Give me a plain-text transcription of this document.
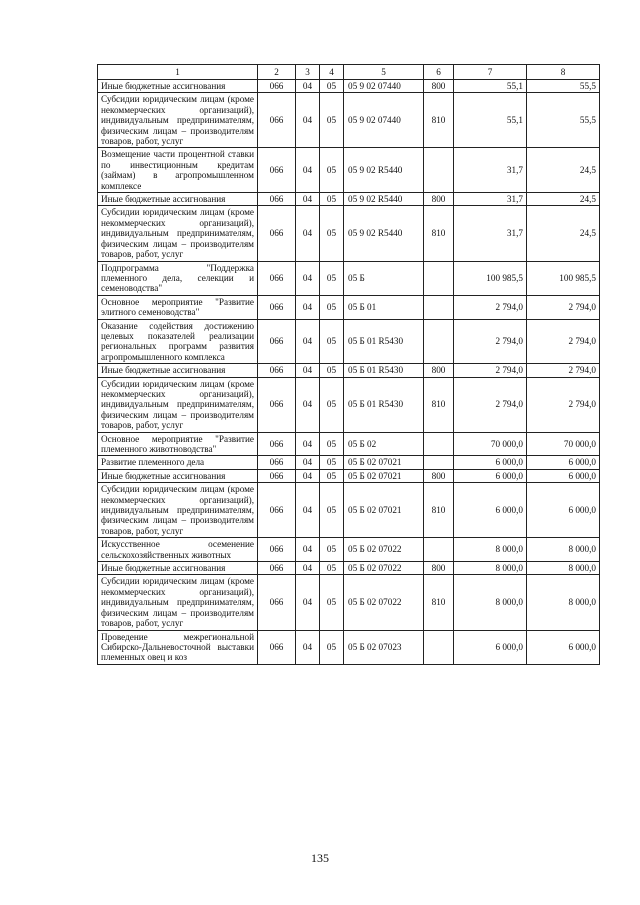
1	2	3	4	5	6	7	8
Иные бюджетные ассигнования	066	04	05	05 9 02 07440	800	55,1	55,5
Субсидии юридическим лицам (кроме некоммерческих организаций), индивидуальным предпринимателям, физическим лицам – производителям товаров, работ, услуг	066	04	05	05 9 02 07440	810	55,1	55,5
Возмещение части процентной ставки по инвестиционным кредитам (займам) в агропромышленном комплексе	066	04	05	05 9 02 R5440		31,7	24,5
Иные бюджетные ассигнования	066	04	05	05 9 02 R5440	800	31,7	24,5
Субсидии юридическим лицам (кроме некоммерческих организаций), индивидуальным предпринимателям, физическим лицам – производителям товаров, работ, услуг	066	04	05	05 9 02 R5440	810	31,7	24,5
Подпрограмма "Поддержка племенного дела, селекции и семеноводства"	066	04	05	05 Б		100 985,5	100 985,5
Основное мероприятие "Развитие элитного семеноводства"	066	04	05	05 Б 01		2 794,0	2 794,0
Оказание содействия достижению целевых показателей реализации региональных программ развития агропромышленного комплекса	066	04	05	05 Б 01 R5430		2 794,0	2 794,0
Иные бюджетные ассигнования	066	04	05	05 Б 01 R5430	800	2 794,0	2 794,0
Субсидии юридическим лицам (кроме некоммерческих организаций), индивидуальным предпринимателям, физическим лицам – производителям товаров, работ, услуг	066	04	05	05 Б 01 R5430	810	2 794,0	2 794,0
Основное мероприятие "Развитие племенного животноводства"	066	04	05	05 Б 02		70 000,0	70 000,0
Развитие племенного дела	066	04	05	05 Б 02 07021		6 000,0	6 000,0
Иные бюджетные ассигнования	066	04	05	05 Б 02 07021	800	6 000,0	6 000,0
Субсидии юридическим лицам (кроме некоммерческих организаций), индивидуальным предпринимателям, физическим лицам – производителям товаров, работ, услуг	066	04	05	05 Б 02 07021	810	6 000,0	6 000,0
Искусственное осеменение сельскохозяйственных животных	066	04	05	05 Б 02 07022		8 000,0	8 000,0
Иные бюджетные ассигнования	066	04	05	05 Б 02 07022	800	8 000,0	8 000,0
Субсидии юридическим лицам (кроме некоммерческих организаций), индивидуальным предпринимателям, физическим лицам – производителям товаров, работ, услуг	066	04	05	05 Б 02 07022	810	8 000,0	8 000,0
Проведение межрегиональной Сибирско-Дальневосточной выставки племенных овец и коз	066	04	05	05 Б 02 07023		6 000,0	6 000,0
135
